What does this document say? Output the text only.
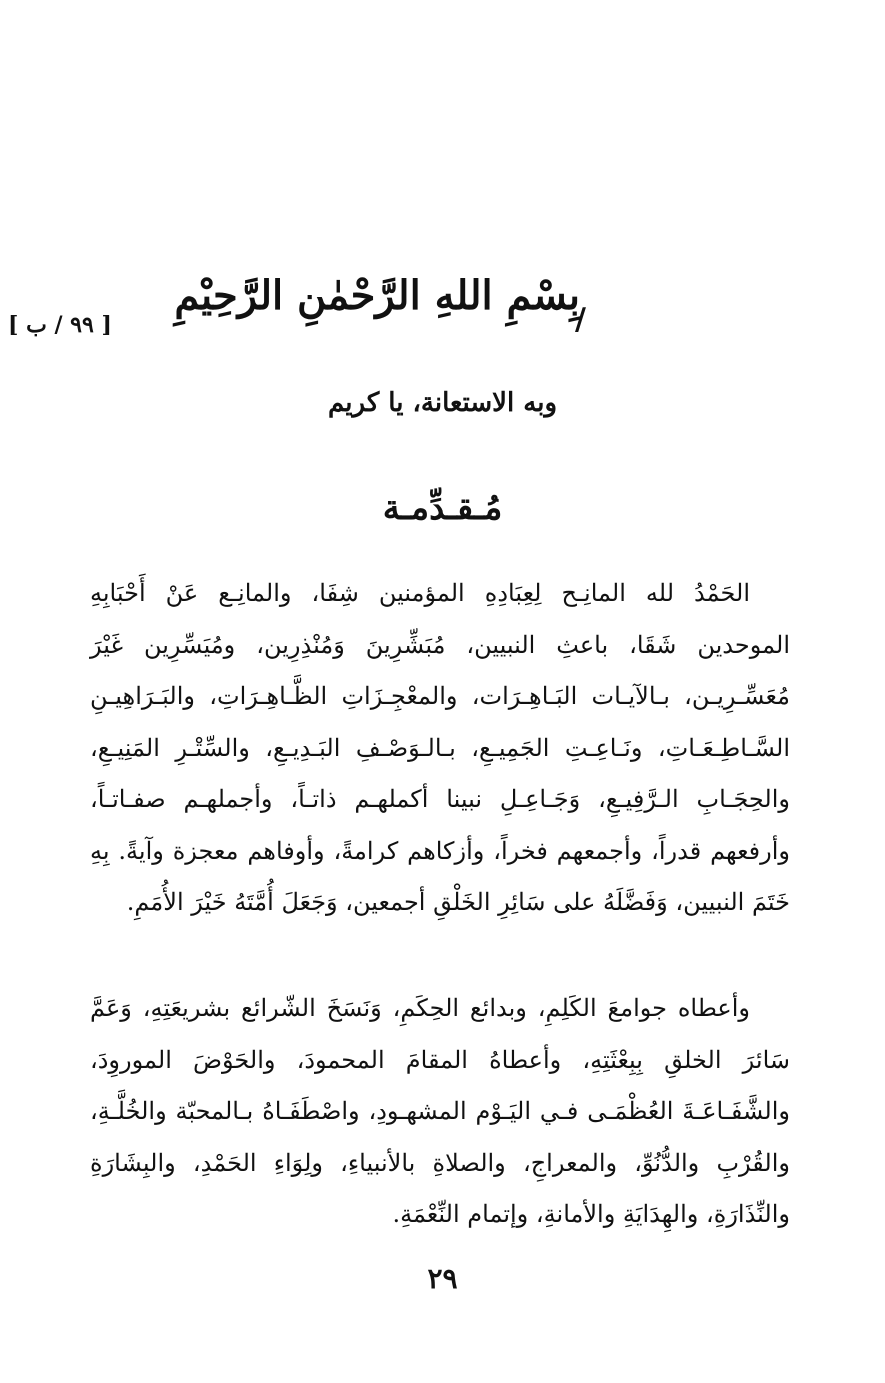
[ ٩٩ / ب ]	/
بِسْمِ اللهِ الرَّحْمٰنِ الرَّحِيْمِ
وبه الاستعانة، يا كريم
مُـقـدِّمـة

الحَمْدُ لله المانِـح لِعِبَادِهِ المؤمنين شِفَا، والمانِـع عَنْ أَحْبَابِهِ الموحدين شَقَا، باعثِ النبيين، مُبَشِّرِينَ وَمُنْذِرِين، ومُيَسِّرِين غَيْرَ مُعَسِّـرِيـن، بـالآيـات البَـاهِـرَات، والمعْجِـزَاتِ الظَّـاهِـرَاتِ، والبَـرَاهِيـنِ السَّـاطِـعَـاتِ، ونَـاعِـتِ الجَمِيـعِ، بـالـوَصْـفِ البَـدِيـعِ، والسِّتْـرِ المَنِيـعِ، والحِجَـابِ الـرَّفِيـعِ، وَجَـاعِـلِ نبينا أكملهـم ذاتـاً، وأجملهـم صفـاتـاً، وأرفعهم قدراً، وأجمعهم فخراً، وأزكاهم كرامةً، وأوفاهم معجزة وآيةً. بِهِ خَتَمَ النبيين، وَفَضَّلَهُ على سَائِرِ الخَلْقِ أجمعين، وَجَعَلَ أُمَّتَهُ خَيْرَ الأُمَمِ.

وأعطاه جوامعَ الكَلِمِ، وبدائع الحِكَمِ، وَنَسَخَ الشّرائع بشريعَتِهِ، وَعَمَّ سَائرَ الخلقِ بِبِعْثَتِهِ، وأعطاهُ المقامَ المحمودَ، والحَوْضَ الموروِدَ، والشَّفَـاعَـةَ العُظْمَـى فـي اليَـوْم المشهـودِ، واصْطَفَـاهُ بـالمحبّة والخُلَّـةِ، والقُرْبِ والدُّنُوِّ، والمعراجِ، والصلاةِ بالأنبياءِ، ولِوَاءِ الحَمْدِ، والبِشَارَةِ والنِّذَارَةِ، والهِدَايَةِ والأمانةِ، وإتمام النِّعْمَةِ.

٢٩
